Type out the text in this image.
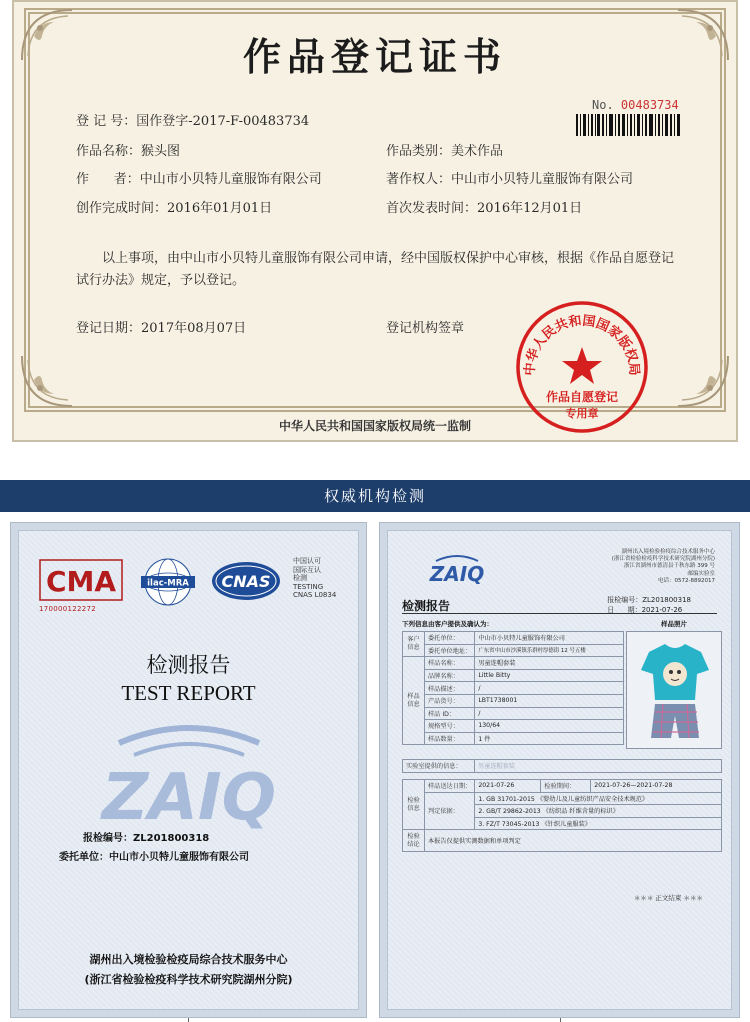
作品登记证书
No. 00483734
登 记 号：国作登字-2017-F-00483734
作品名称：猴头图	作品类别：美术作品
作      者：中山市小贝特儿童服饰有限公司	著作权人：中山市小贝特儿童服饰有限公司
创作完成时间：2016年01月01日	首次发表时间：2016年12月01日

以上事项，由中山市小贝特儿童服饰有限公司申请，经中国版权保护中心审核，根据《作品自愿登记试行办法》规定，予以登记。

登记日期：2017年08月07日	登记机构签章
中华人民共和国国家版权局
作品自愿登记
专用章
中华人民共和国国家版权局统一监制
权威机构检测
CMA
170000122272
ilac-MRA CNAS
中国认可
国际互认
检测
TESTING
CNAS L0834
检测报告
TEST REPORT
ZAIQ
报检编号：ZL201800318
委托单位：中山市小贝特儿童服饰有限公司
湖州出入境检验检疫局综合技术服务中心
(浙江省检验检疫科学技术研究院湖州分院)
ZAIQ
湖州出入境检验检疫综合技术服务中心
(浙江省检验检疫科学技术研究院湖州分院)
浙江省湖州市德清县千秋东路 399 号
邮编实验室
电话：0572-8892017
检测报告	报检编号：ZL201800318
日      期：2021-07-26
下列信息由客户提供及确认为：	样品照片
客户信息	委托单位：	中山市小贝特儿童服饰有限公司
	委托单位地址：	广东省中山市沙溪镇乐群村厚德街 12 号五楼
样品信息	样品名称：	男童连帽套装
	品牌名称：	Little Bitty
	样品描述：	/
	产品货号：	LBT1738001
	样品 ID：	/
	规格型号：	130/64
	样品数量：	1 件
实验室提供的信息：	男童连帽套装
检验信息	样品送达日期：	2021-07-26	检验期间：	2021-07-26—2021-07-28
	判定依据：	1. GB 31701-2015 《婴幼儿及儿童纺织产品安全技术规范》		
		2. GB/T 29862-2013 《纺织品 纤维含量的标识》		
		3. FZ/T 73045-2013 《针织儿童服装》		
检验结论	本报告仅提供实测数据和单项判定			
＊＊＊ 正文结束 ＊＊＊
